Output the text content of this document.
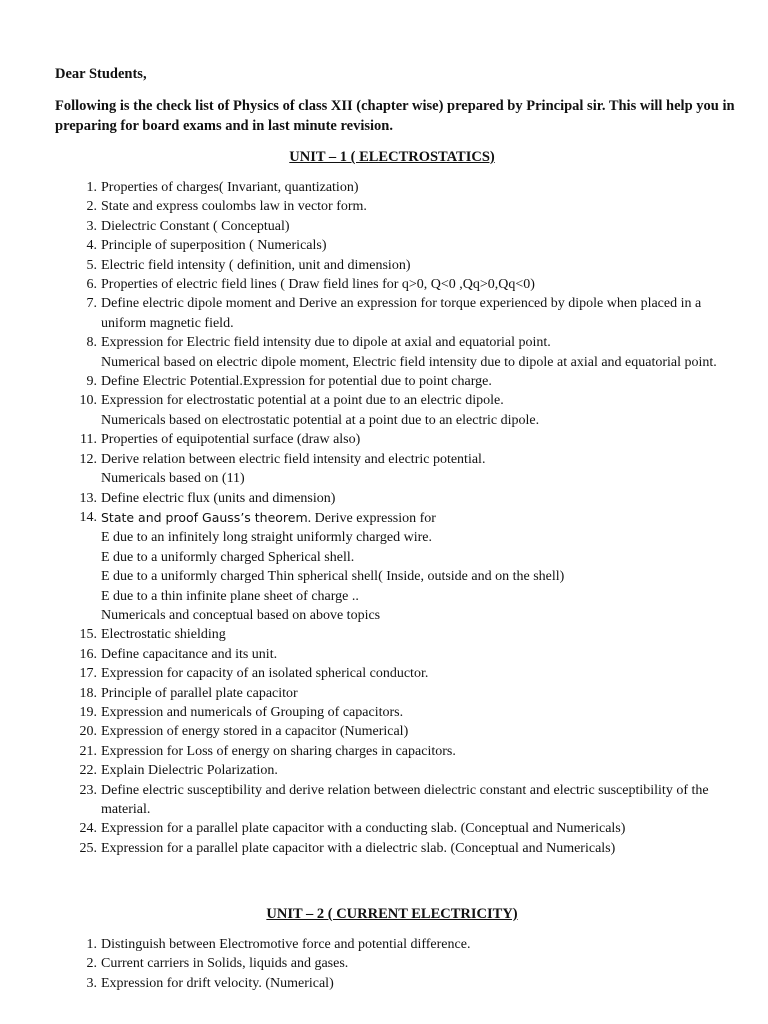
Dear Students,

Following is the check list of Physics of class XII (chapter wise) prepared by Principal sir. This will help you in preparing for board exams and in last minute revision.

UNIT – 1 ( ELECTROSTATICS)
1. Properties of charges( Invariant, quantization)
2. State and express coulombs law in vector form.
3. Dielectric Constant ( Conceptual)
4. Principle of superposition ( Numericals)
5. Electric field intensity ( definition, unit and dimension)
6. Properties of electric field lines ( Draw field lines for q>0, Q<0 ,Qq>0,Qq<0)
7. Define electric dipole moment and Derive an expression for torque experienced by dipole when placed in a uniform magnetic field.
8. Expression for Electric field intensity due to dipole at axial and equatorial point.
Numerical based on electric dipole moment, Electric field intensity due to dipole at axial and equatorial point.
9. Define Electric Potential.Expression for potential due to point charge.
10. Expression for electrostatic potential at a point due to an electric dipole.
Numericals based on electrostatic potential at a point due to an electric dipole.
11. Properties of equipotential surface (draw also)
12. Derive relation between electric field intensity and electric potential.
Numericals based on (11)
13. Define electric flux (units and dimension)
14. State and proof Gauss’s theorem. Derive expression for
E due to an infinitely long straight uniformly charged wire.
E due to a uniformly charged Spherical shell.
E due to a uniformly charged Thin spherical shell( Inside, outside and on the shell)
E due to a thin infinite plane sheet of charge ..
Numericals and conceptual based on above topics
15. Electrostatic shielding
16. Define capacitance and its unit.
17. Expression for capacity of an isolated spherical conductor.
18. Principle of parallel plate capacitor
19. Expression and numericals of Grouping of capacitors.
20. Expression of energy stored in a capacitor (Numerical)
21. Expression for Loss of energy on sharing charges in capacitors.
22. Explain Dielectric Polarization.
23. Define electric susceptibility and derive relation between dielectric constant and electric susceptibility of the material.
24. Expression for a parallel plate capacitor with a conducting slab. (Conceptual and Numericals)
25. Expression for a parallel plate capacitor with a dielectric slab. (Conceptual and Numericals)
UNIT – 2 ( CURRENT ELECTRICITY)
1. Distinguish between Electromotive force and potential difference.
2. Current carriers in Solids, liquids and gases.
3. Expression for drift velocity. (Numerical)
